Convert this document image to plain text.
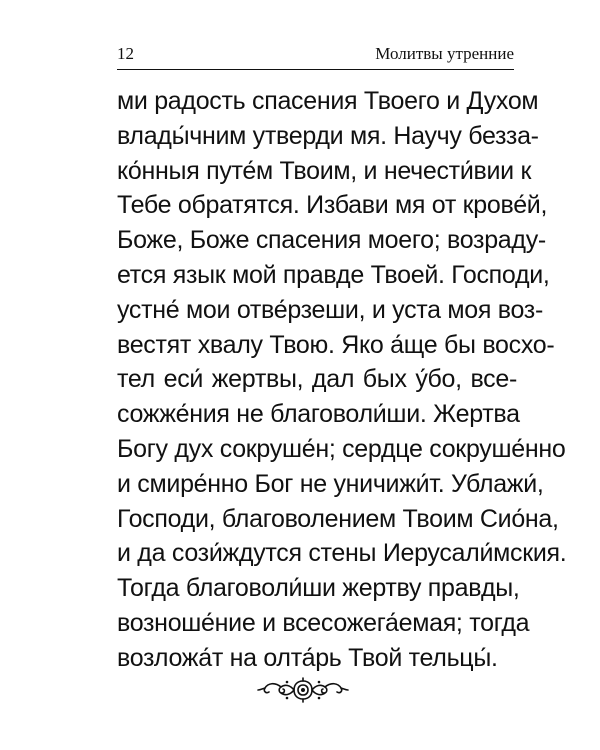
12	Молитвы утренние
ми радость спасения Твоего и Духом
влады́чним утверди мя. Научу безза-
ко́нныя путе́м Твоим, и нечести́вии к
Тебе обратятся. Избави мя от крове́й,
Боже, Боже спасения моего; возраду-
ется язык мой правде Твоей. Господи,
устне́ мои отве́рзеши, и уста моя воз-
вестят хвалу Твою. Яко а́ще бы восхо-
тел еси́ жертвы, дал бых у́бо, все-
сожже́ния не благоволи́ши. Жертва
Богу дух сокруше́н; сердце сокруше́нно
и смире́нно Бог не уничижи́т. Ублажи́,
Господи, благоволением Твоим Сио́на,
и да сози́ждутся стены Иерусали́мския.
Тогда благоволи́ши жертву правды,
возноше́ние и всесожега́емая; тогда
возложа́т на олта́рь Твой тельцы́.
